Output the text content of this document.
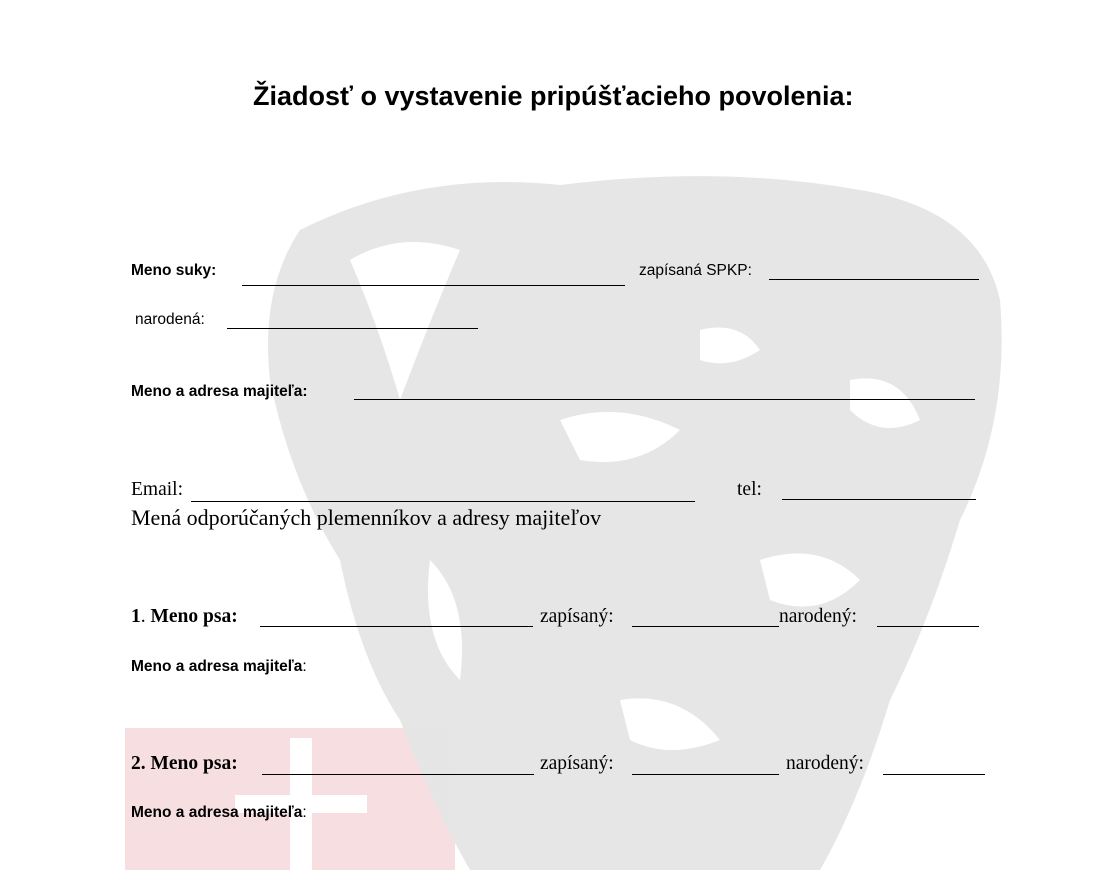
Žiadosť o vystavenie pripúšťacieho povolenia:
Meno suky:	zapísaná SPKP:
narodená:
Meno a adresa majiteľa:
Email:	tel:
Mená odporúčaných plemenníkov a adresy majiteľov
1. Meno psa:	zapísaný:	narodený:
Meno a adresa majiteľa:
2. Meno psa:	zapísaný:	narodený:
Meno a adresa majiteľa:
